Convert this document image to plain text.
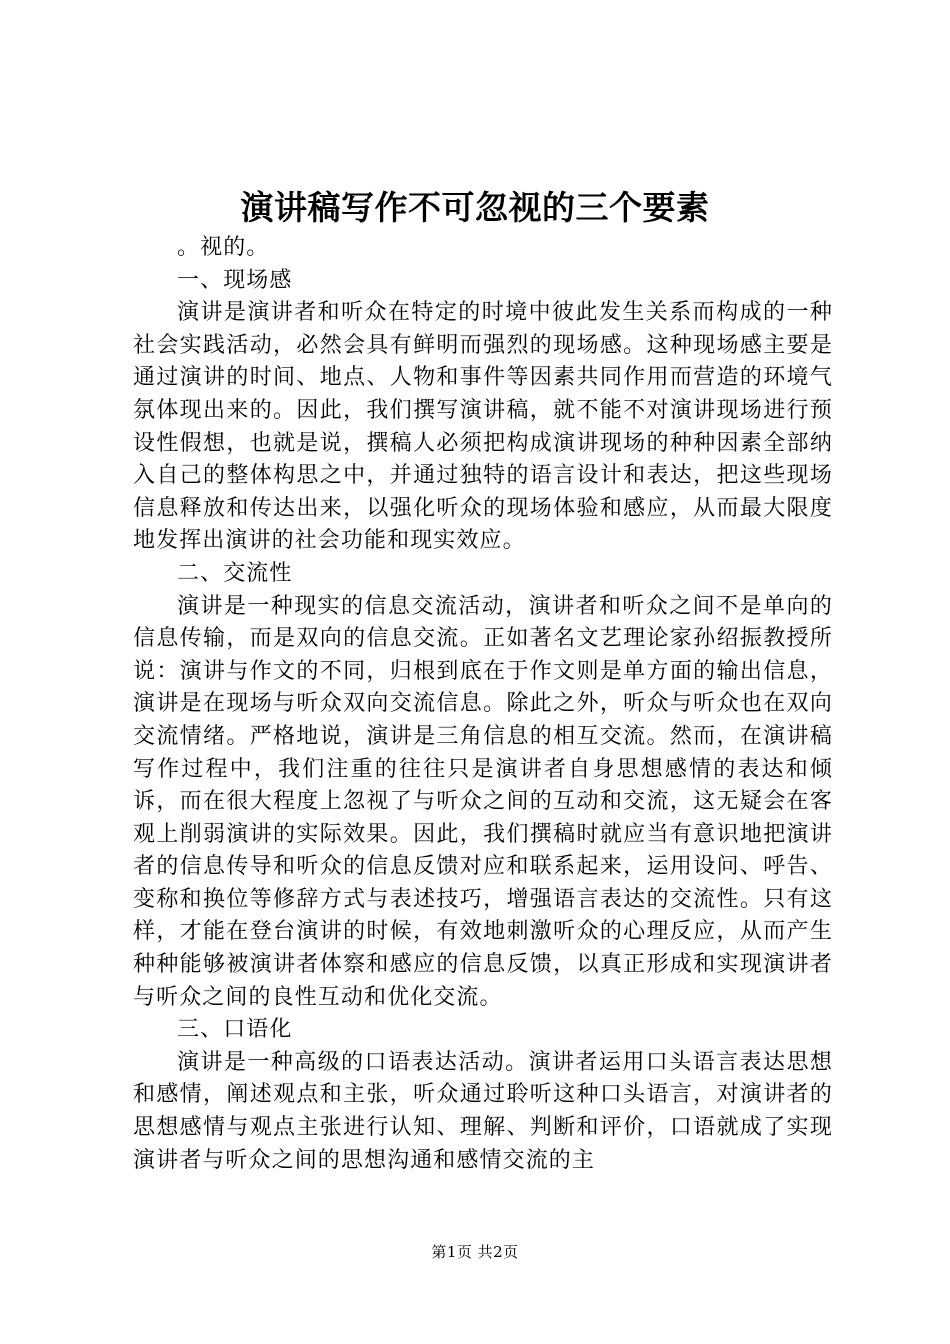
演讲稿写作不可忽视的三个要素

。视的。

一、现场感

演讲是演讲者和听众在特定的时境中彼此发生关系而构成的一种社会实践活动，必然会具有鲜明而强烈的现场感。这种现场感主要是通过演讲的时间、地点、人物和事件等因素共同作用而营造的环境气氛体现出来的。因此，我们撰写演讲稿，就不能不对演讲现场进行预设性假想，也就是说，撰稿人必须把构成演讲现场的种种因素全部纳入自己的整体构思之中，并通过独特的语言设计和表达，把这些现场信息释放和传达出来，以强化听众的现场体验和感应，从而最大限度地发挥出演讲的社会功能和现实效应。

二、交流性

演讲是一种现实的信息交流活动，演讲者和听众之间不是单向的信息传输，而是双向的信息交流。正如著名文艺理论家孙绍振教授所说：演讲与作文的不同，归根到底在于作文则是单方面的输出信息，演讲是在现场与听众双向交流信息。除此之外，听众与听众也在双向交流情绪。严格地说，演讲是三角信息的相互交流。然而，在演讲稿写作过程中，我们注重的往往只是演讲者自身思想感情的表达和倾诉，而在很大程度上忽视了与听众之间的互动和交流，这无疑会在客观上削弱演讲的实际效果。因此，我们撰稿时就应当有意识地把演讲者的信息传导和听众的信息反馈对应和联系起来，运用设问、呼告、变称和换位等修辞方式与表述技巧，增强语言表达的交流性。只有这样，才能在登台演讲的时候，有效地刺激听众的心理反应，从而产生种种能够被演讲者体察和感应的信息反馈，以真正形成和实现演讲者与听众之间的良性互动和优化交流。

三、口语化

演讲是一种高级的口语表达活动。演讲者运用口头语言表达思想和感情，阐述观点和主张，听众通过聆听这种口头语言，对演讲者的思想感情与观点主张进行认知、理解、判断和评价，口语就成了实现演讲者与听众之间的思想沟通和感情交流的主

第1页 共2页
